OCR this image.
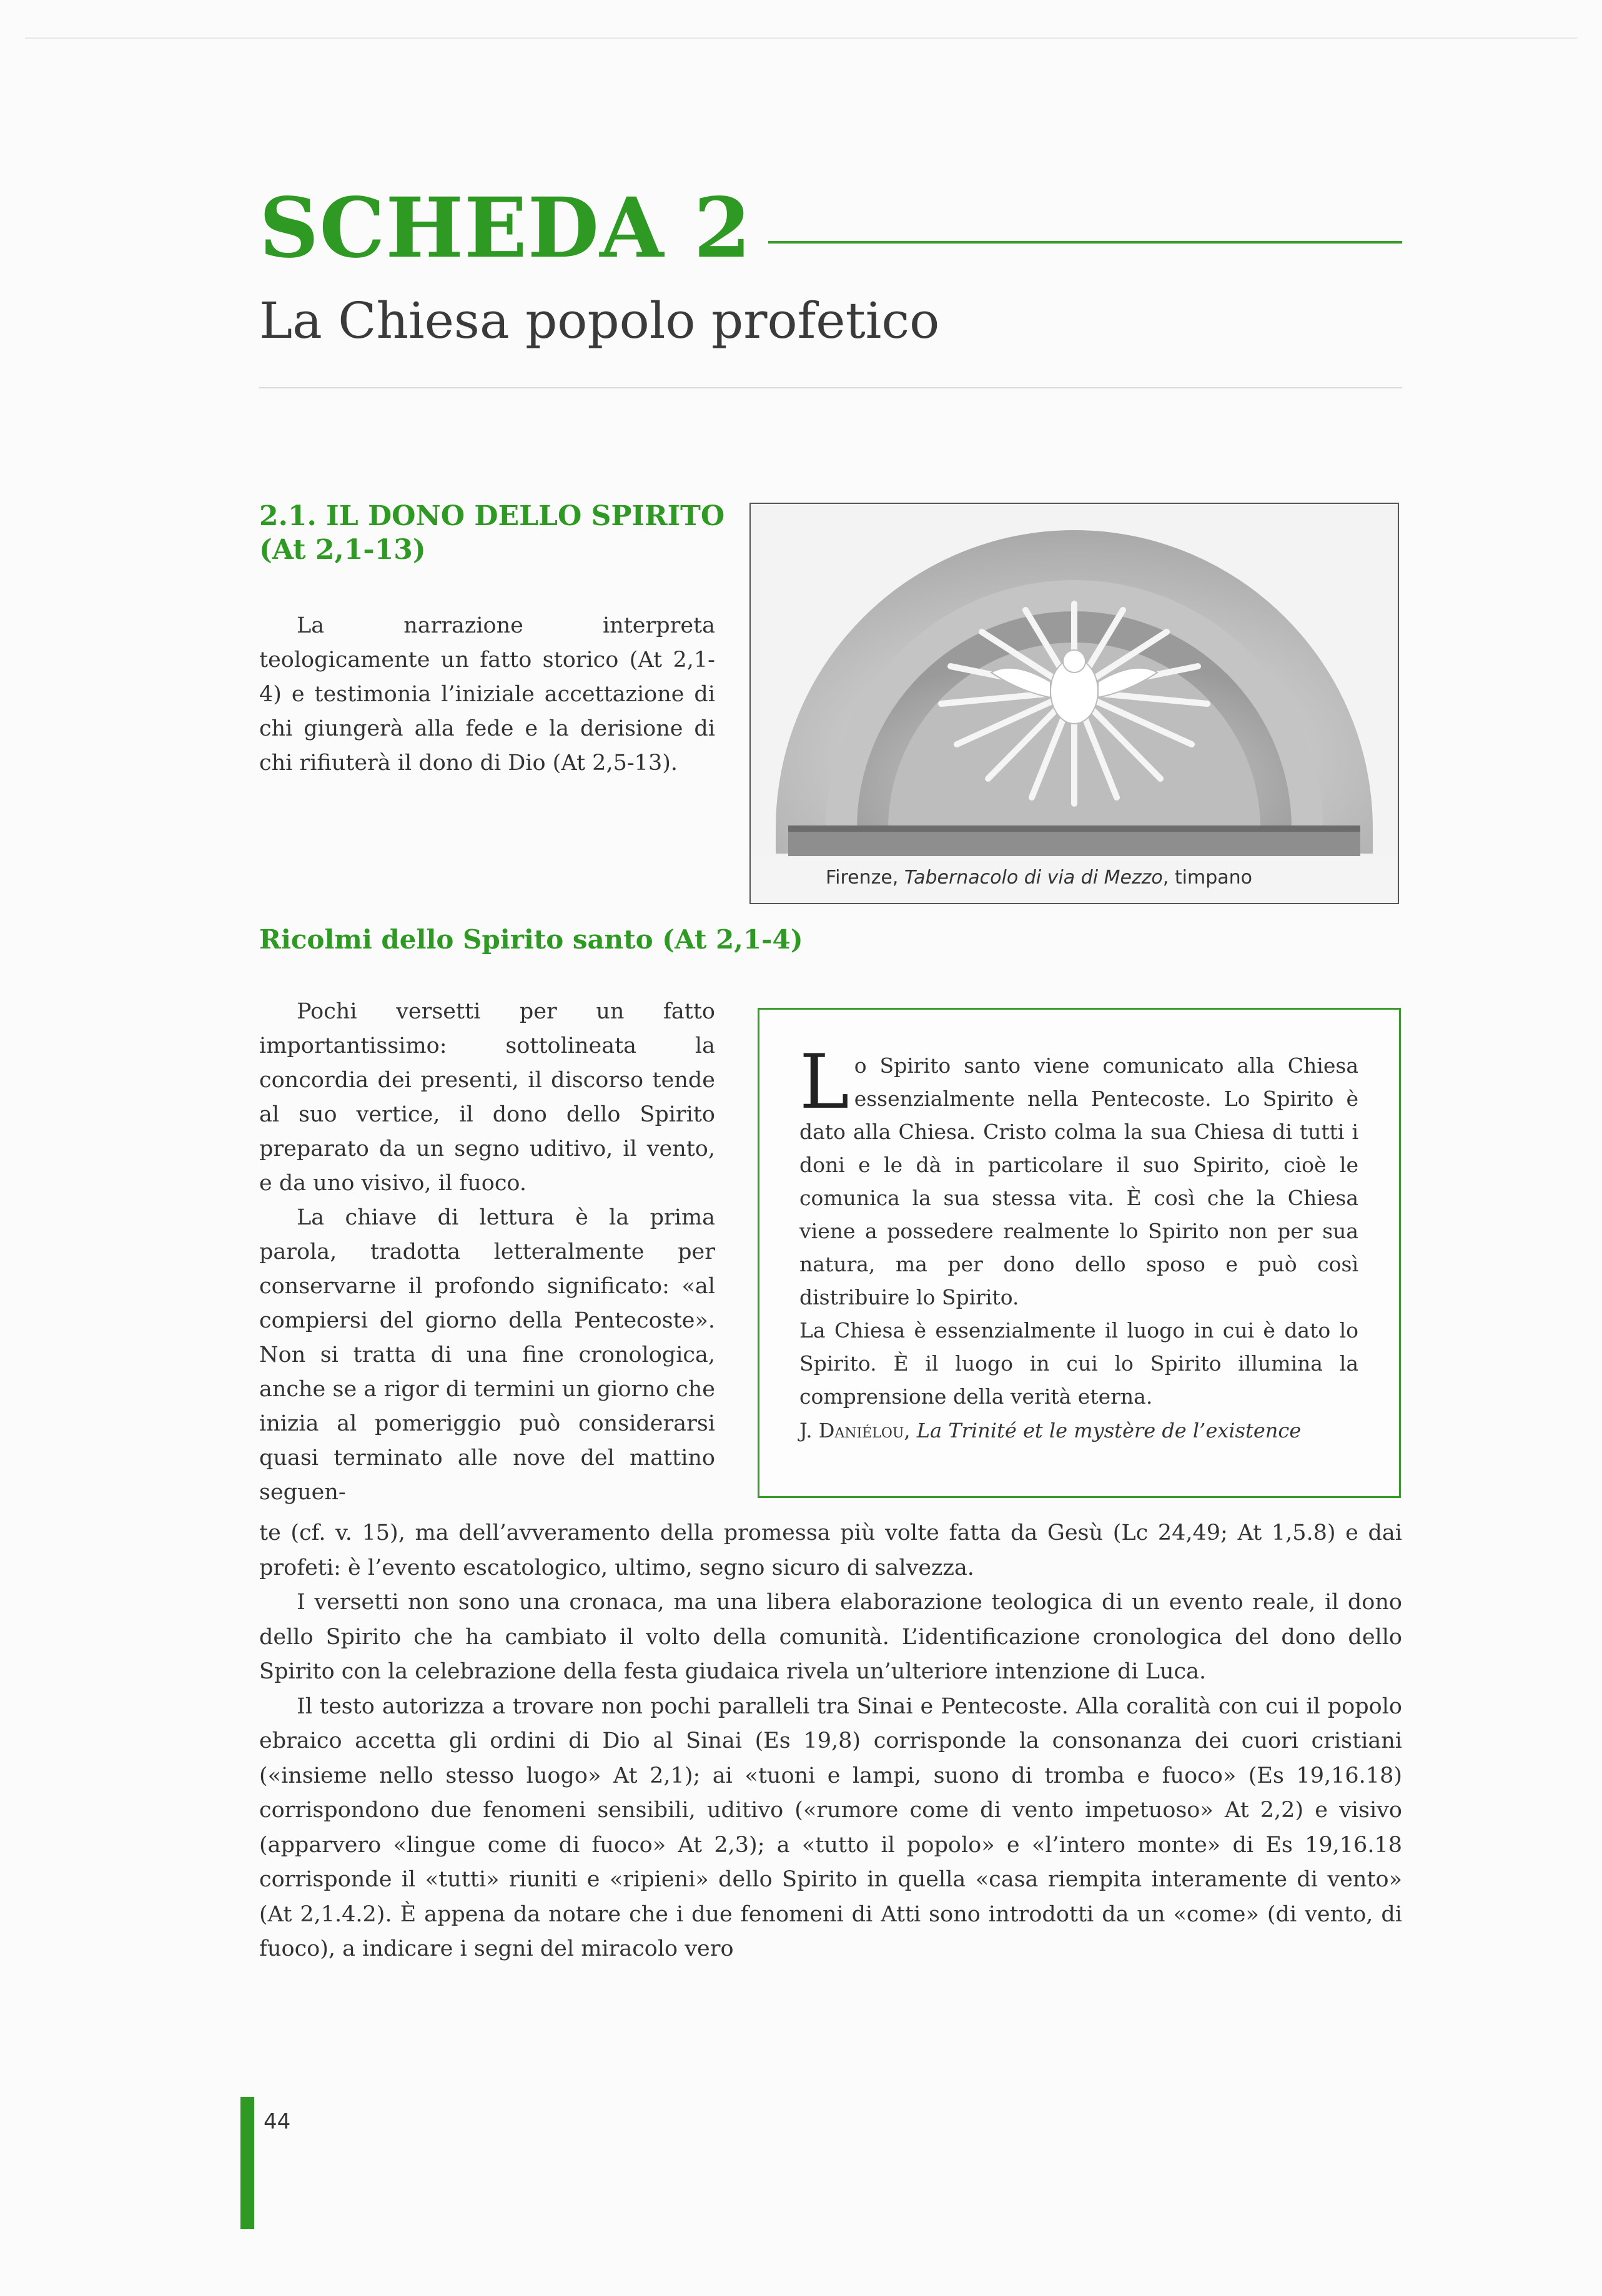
SCHEDA 2
La Chiesa popolo profetico
2.1. IL DONO DELLO SPIRITO
(At 2,1-13)

La narrazione interpreta teologicamente un fatto storico (At 2,1-4) e testimonia l’iniziale accettazione di chi giungerà alla fede e la derisione di chi rifiuterà il dono di Dio (At 2,5-13).

Firenze, Tabernacolo di via di Mezzo, timpano
Ricolmi dello Spirito santo (At 2,1-4)

Pochi versetti per un fatto importantissimo: sottolineata la concordia dei presenti, il discorso tende al suo vertice, il dono dello Spirito preparato da un segno uditivo, il vento, e da uno visivo, il fuoco.

La chiave di lettura è la prima parola, tradotta letteralmente per conservarne il profondo significato: «al compiersi del giorno della Pentecoste». Non si tratta di una fine cronologica, anche se a rigor di termini un giorno che inizia al pomeriggio può considerarsi quasi terminato alle nove del mattino seguen-

Lo Spirito santo viene comunicato alla Chiesa essenzialmente nella Pentecoste. Lo Spirito è dato alla Chiesa. Cristo colma la sua Chiesa di tutti i doni e le dà in particolare il suo Spirito, cioè le comunica la sua stessa vita. È così che la Chiesa viene a possedere realmente lo Spirito non per sua natura, ma per dono dello sposo e può così distribuire lo Spirito.

La Chiesa è essenzialmente il luogo in cui è dato lo Spirito. È il luogo in cui lo Spirito illumina la comprensione della verità eterna.

J. Daniélou, La Trinité et le mystère de l’existence

te (cf. v. 15), ma dell’avveramento della promessa più volte fatta da Gesù (Lc 24,49; At 1,5.8) e dai profeti: è l’evento escatologico, ultimo, segno sicuro di salvezza.

I versetti non sono una cronaca, ma una libera elaborazione teologica di un evento reale, il dono dello Spirito che ha cambiato il volto della comunità. L’identificazione cronologica del dono dello Spirito con la celebrazione della festa giudaica rivela un’ulteriore intenzione di Luca.

Il testo autorizza a trovare non pochi paralleli tra Sinai e Pentecoste. Alla coralità con cui il popolo ebraico accetta gli ordini di Dio al Sinai (Es 19,8) corrisponde la consonanza dei cuori cristiani («insieme nello stesso luogo» At 2,1); ai «tuoni e lampi, suono di tromba e fuoco» (Es 19,16.18) corrispondono due fenomeni sensibili, uditivo («rumore come di vento impetuoso» At 2,2) e visivo (apparvero «lingue come di fuoco» At 2,3); a «tutto il popolo» e «l’intero monte» di Es 19,16.18 corrisponde il «tutti» riuniti e «ripieni» dello Spirito in quella «casa riempita interamente di vento» (At 2,1.4.2). È appena da notare che i due fenomeni di Atti sono introdotti da un «come» (di vento, di fuoco), a indicare i segni del miracolo vero

44
